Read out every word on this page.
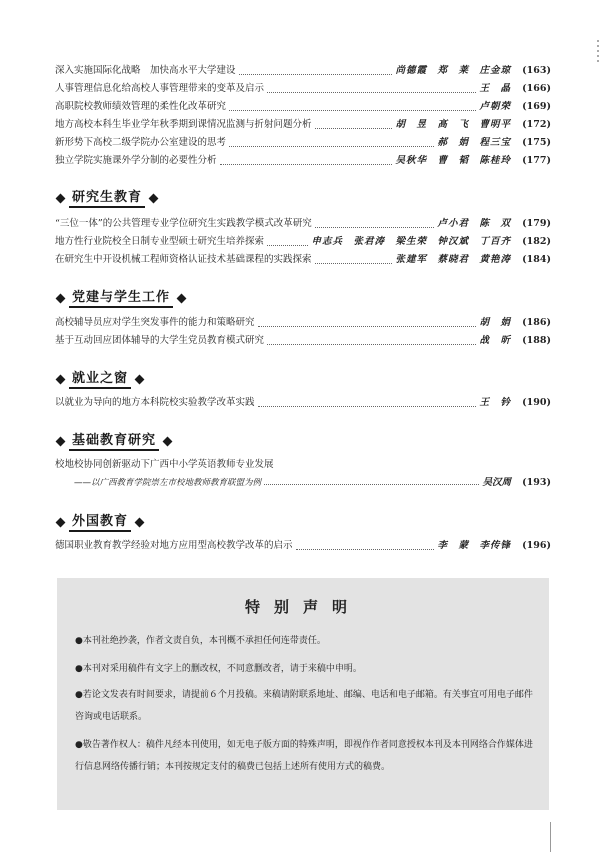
深入实施国际化战略　加快高水平大学建设	尚德霞　郑　莱　庄金琼	(163)
人事管理信息化给高校人事管理带来的变革及启示	王　晶	(166)
高职院校教师绩效管理的柔性化改革研究	卢朝荣	(169)
地方高校本科生毕业学年秋季期到课情况监测与折射问题分析	胡　昱　高　飞　曹明平	(172)
新形势下高校二级学院办公室建设的思考	郝　娟　程三宝	(175)
独立学院实施课外学分制的必要性分析	吴秋华　曹　韬　陈桂玲	(177)
研究生教育
“三位一体”的公共管理专业学位研究生实践教学模式改革研究	卢小君　陈　双	(179)
地方性行业院校全日制专业型硕士研究生培养探索	申志兵　张君涛　梁生荣　钟汉斌　丁百齐	(182)
在研究生中开设机械工程师资格认证技术基础课程的实践探索	张建军　蔡晓君　黄艳涛	(184)
党建与学生工作
高校辅导员应对学生突发事件的能力和策略研究	胡　娟	(186)
基于互动回应团体辅导的大学生党员教育模式研究	战　昕	(188)
就业之窗
以就业为导向的地方本科院校实验教学改革实践	王　钤	(190)
基础教育研究
校地校协同创新驱动下广西中小学英语教师专业发展
——以广西教育学院崇左市校地教师教育联盟为例	吴汉周	(193)
外国教育
德国职业教育教学经验对地方应用型高校教学改革的启示	李　蒙　李传锋	(196)
特别声明
●本刊社绝抄袭，作者文责自负，本刊概不承担任何连带责任。
●本刊对采用稿件有文字上的删改权，不同意删改者，请于来稿中申明。
●若论文发表有时间要求，请提前６个月投稿。来稿请附联系地址、邮编、电话和电子邮箱。有关事宜可用电子邮件咨询或电话联系。
●敬告著作权人：稿件凡经本刊使用，如无电子版方面的特殊声明，即视作作者同意授权本刊及本刊网络合作媒体进行信息网络传播行销；本刊按规定支付的稿费已包括上述所有使用方式的稿费。
